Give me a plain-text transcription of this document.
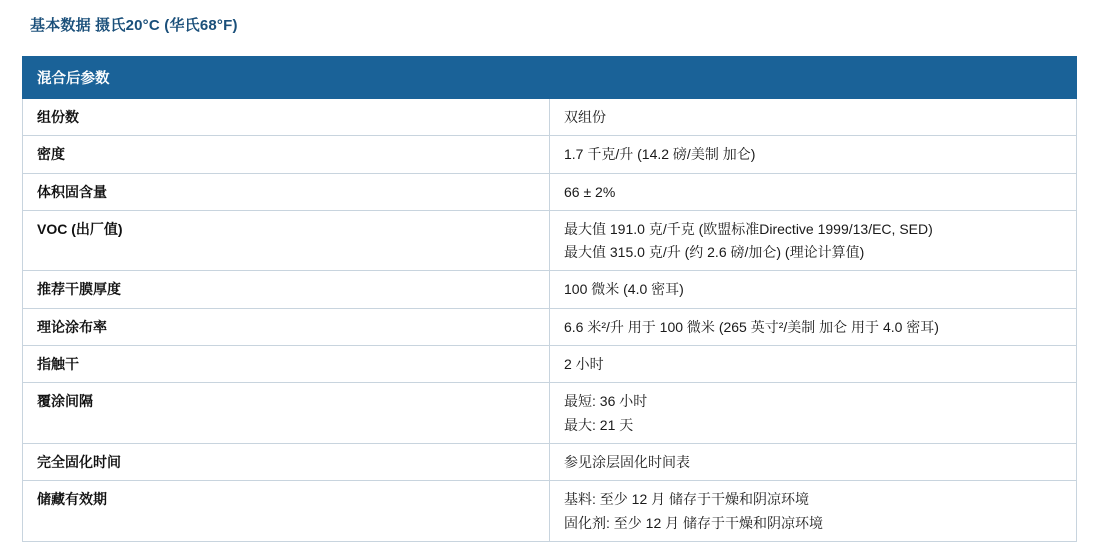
基本数据 摄氏20°C (华氏68°F)
混合后参数	
组份数	双组份

密度	1.7 千克/升 (14.2 磅/美制 加仑)

体积固含量	66 ± 2%

VOC (出厂值)	最大值 191.0 克/千克 (欧盟标准Directive 1999/13/EC, SED)
最大值 315.0 克/升 (约 2.6 磅/加仑) (理论计算值)

推荐干膜厚度	100 微米 (4.0 密耳)

理论涂布率	6.6 米²/升 用于 100 微米 (265 英寸²/美制 加仑 用于 4.0 密耳)

指触干	2 小时

覆涂间隔	最短: 36 小时
最大: 21 天

完全固化时间	参见涂层固化时间表

储藏有效期	基料: 至少 12 月 储存于干燥和阴凉环境
固化剂: 至少 12 月 储存于干燥和阴凉环境
